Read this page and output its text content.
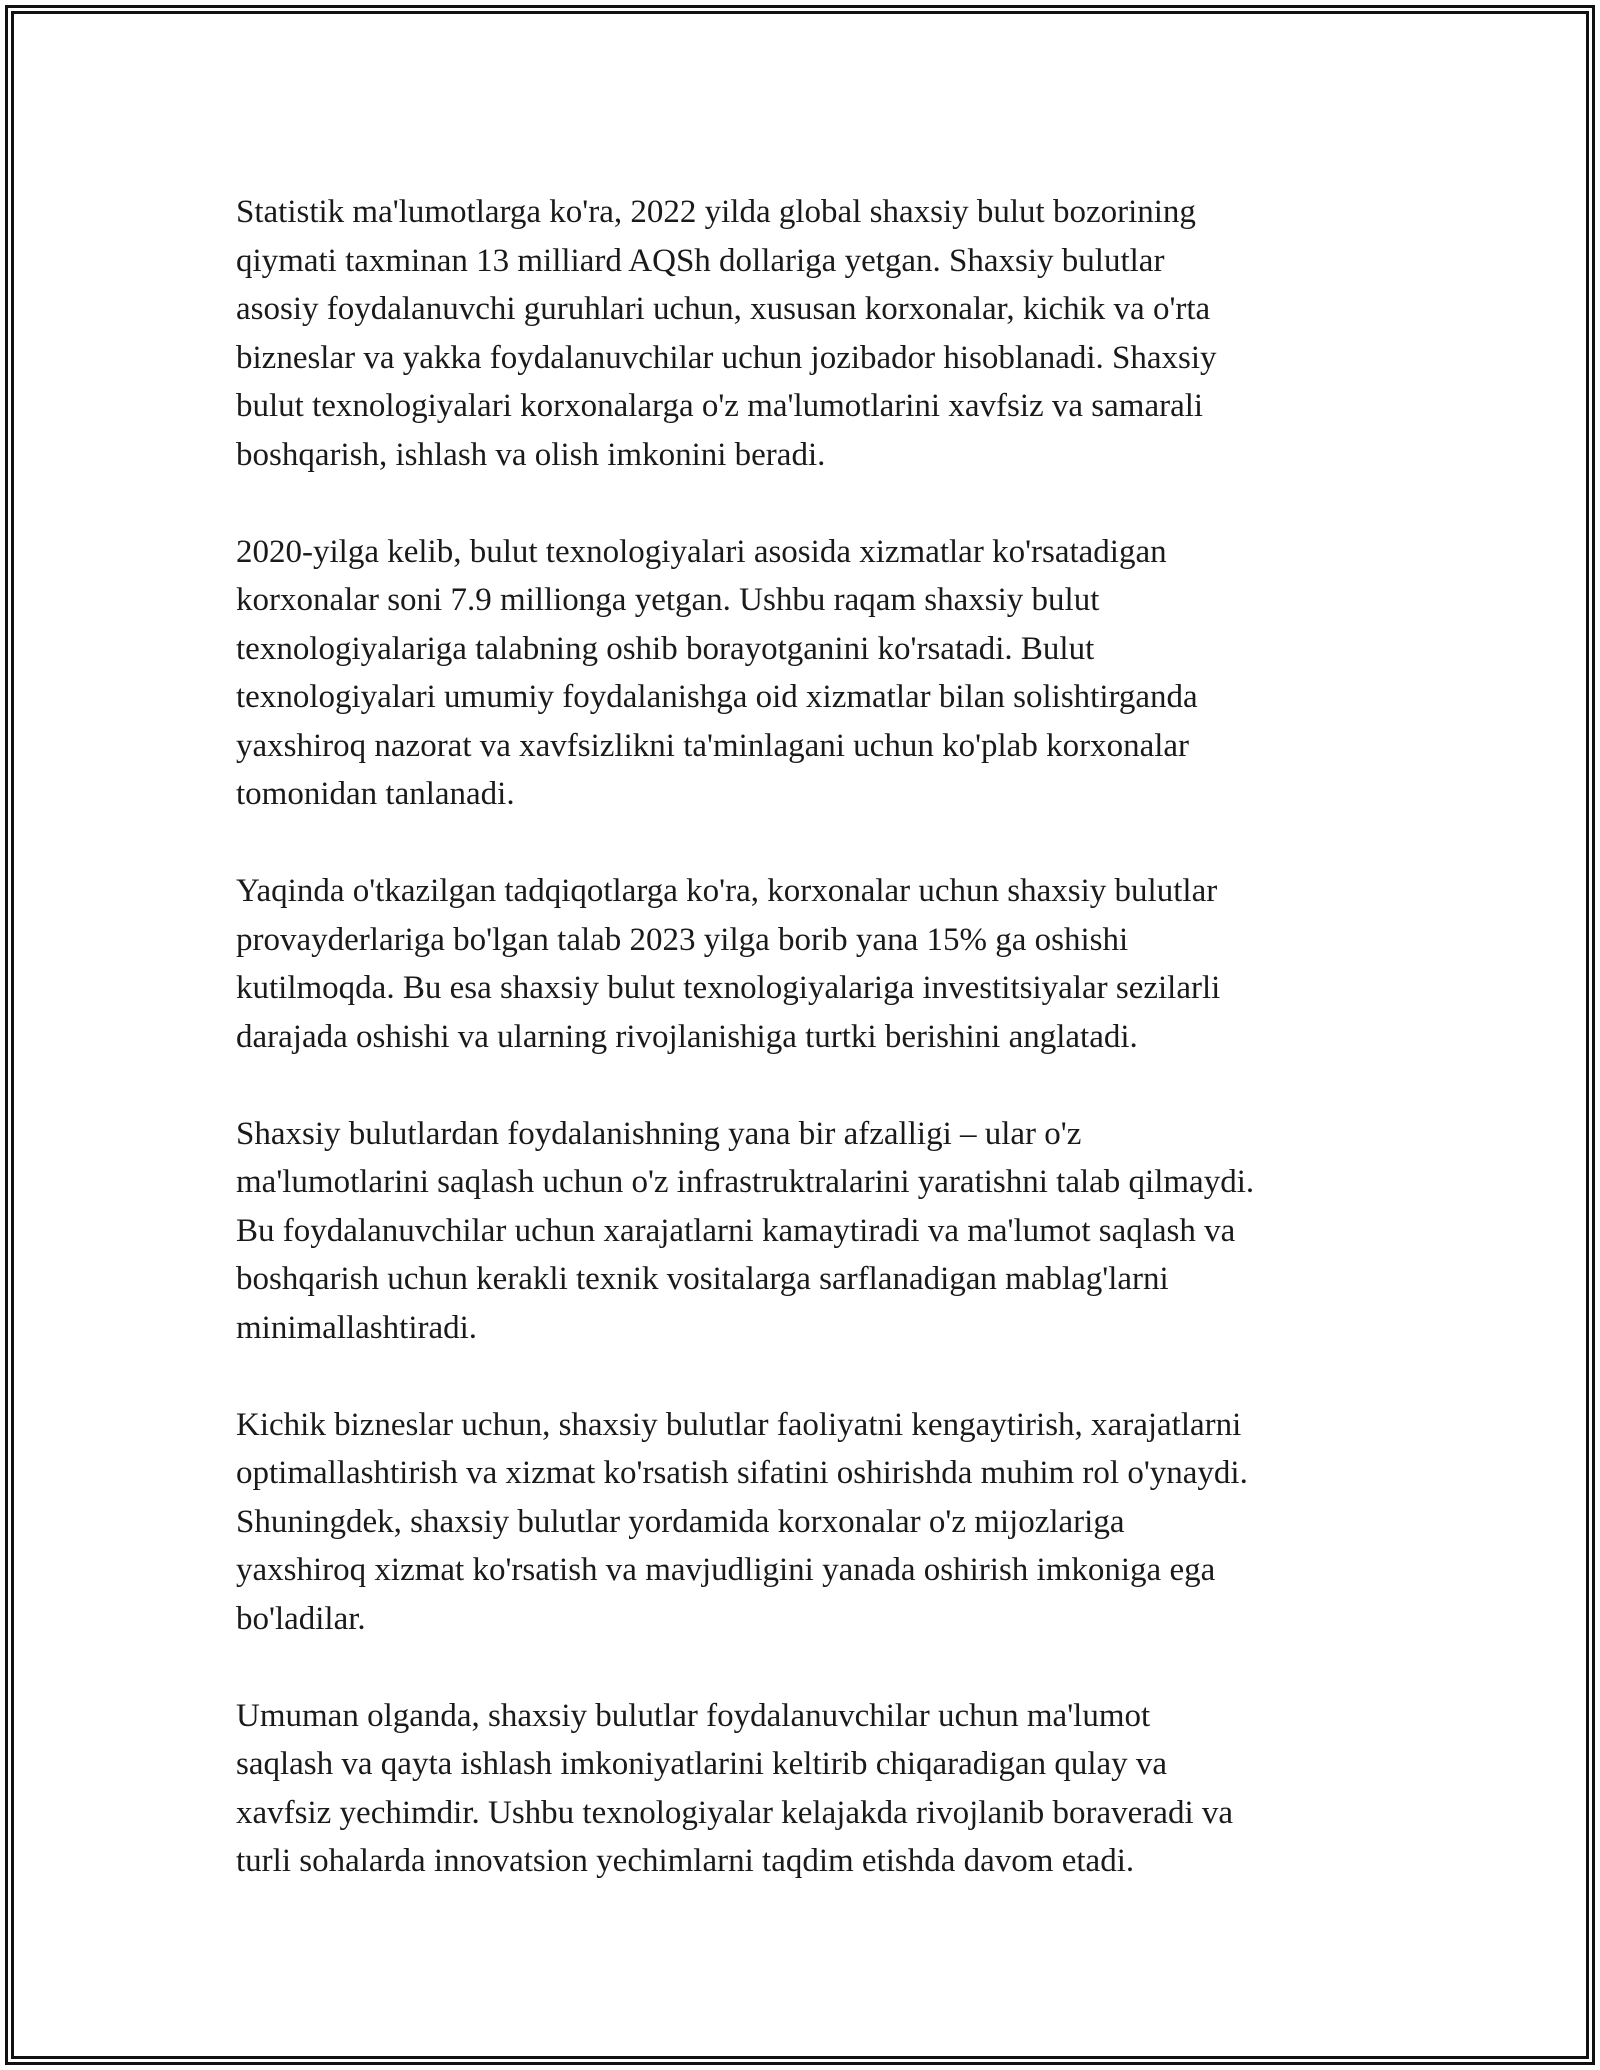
Statistik ma'lumotlarga ko'ra, 2022 yilda global shaxsiy bulut bozorining
qiymati taxminan 13 milliard AQSh dollariga yetgan. Shaxsiy bulutlar
asosiy foydalanuvchi guruhlari uchun, xususan korxonalar, kichik va o'rta
bizneslar va yakka foydalanuvchilar uchun jozibador hisoblanadi. Shaxsiy
bulut texnologiyalari korxonalarga o'z ma'lumotlarini xavfsiz va samarali
boshqarish, ishlash va olish imkonini beradi.

2020-yilga kelib, bulut texnologiyalari asosida xizmatlar ko'rsatadigan
korxonalar soni 7.9 millionga yetgan. Ushbu raqam shaxsiy bulut
texnologiyalariga talabning oshib borayotganini ko'rsatadi. Bulut
texnologiyalari umumiy foydalanishga oid xizmatlar bilan solishtirganda
yaxshiroq nazorat va xavfsizlikni ta'minlagani uchun ko'plab korxonalar
tomonidan tanlanadi.

Yaqinda o'tkazilgan tadqiqotlarga ko'ra, korxonalar uchun shaxsiy bulutlar
provayderlariga bo'lgan talab 2023 yilga borib yana 15% ga oshishi
kutilmoqda. Bu esa shaxsiy bulut texnologiyalariga investitsiyalar sezilarli
darajada oshishi va ularning rivojlanishiga turtki berishini anglatadi.

Shaxsiy bulutlardan foydalanishning yana bir afzalligi – ular o'z
ma'lumotlarini saqlash uchun o'z infrastruktralarini yaratishni talab qilmaydi.
Bu foydalanuvchilar uchun xarajatlarni kamaytiradi va ma'lumot saqlash va
boshqarish uchun kerakli texnik vositalarga sarflanadigan mablag'larni
minimallashtiradi.

Kichik bizneslar uchun, shaxsiy bulutlar faoliyatni kengaytirish, xarajatlarni
optimallashtirish va xizmat ko'rsatish sifatini oshirishda muhim rol o'ynaydi.
Shuningdek, shaxsiy bulutlar yordamida korxonalar o'z mijozlariga
yaxshiroq xizmat ko'rsatish va mavjudligini yanada oshirish imkoniga ega
bo'ladilar.

Umuman olganda, shaxsiy bulutlar foydalanuvchilar uchun ma'lumot
saqlash va qayta ishlash imkoniyatlarini keltirib chiqaradigan qulay va
xavfsiz yechimdir. Ushbu texnologiyalar kelajakda rivojlanib boraveradi va
turli sohalarda innovatsion yechimlarni taqdim etishda davom etadi.
